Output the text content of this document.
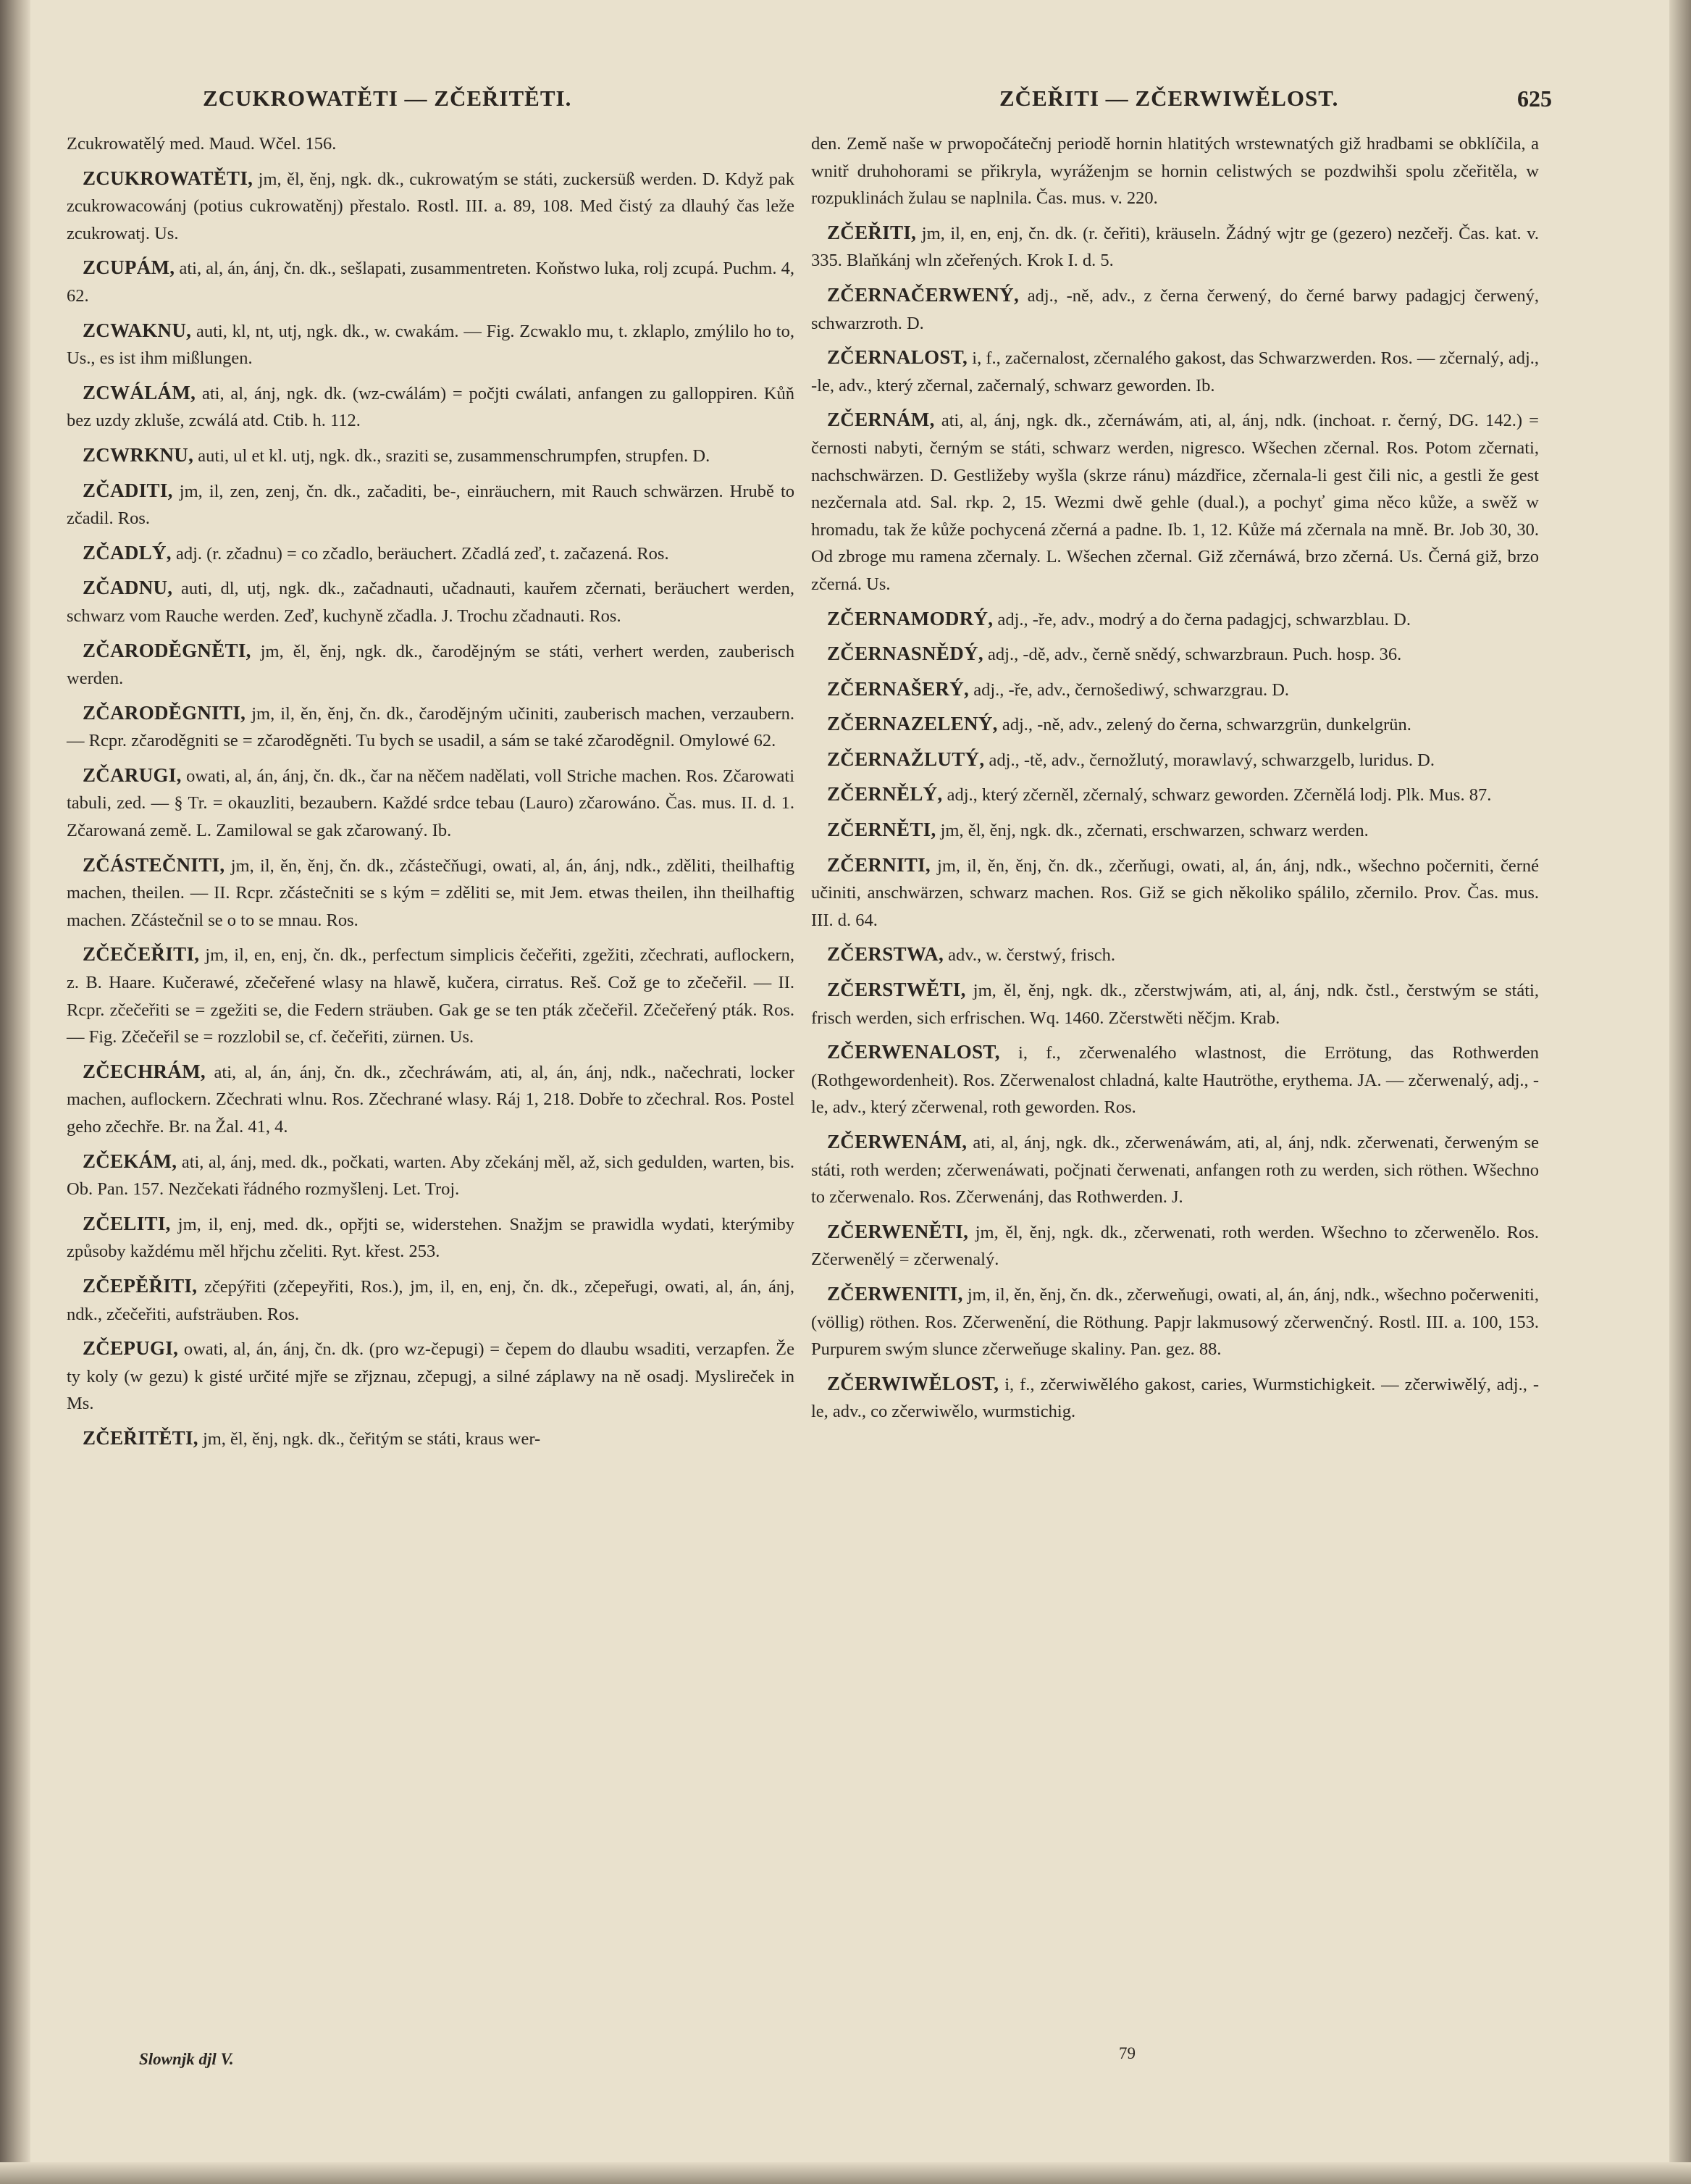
ZCUKROWATĚTI — ZČEŘITĚTI.	ZČEŘITI — ZČERWIWĚLOST.	625

Zcukrowatělý med. Maud. Wčel. 156.

ZCUKROWATĚTI, jm, ěl, ěnj, ngk. dk., cukrowatým se státi, zuckersüß werden. D. Když pak zcukrowacowánj (potius cukrowatěnj) přestalo. Rostl. III. a. 89, 108. Med čistý za dlauhý čas leže zcukrowatj. Us.

ZCUPÁM, ati, al, án, ánj, čn. dk., sešlapati, zusammentreten. Koňstwo luka, rolj zcupá. Puchm. 4, 62.

ZCWAKNU, auti, kl, nt, utj, ngk. dk., w. cwakám. — Fig. Zcwaklo mu, t. zklaplo, zmýlilo ho to, Us., es ist ihm mißlungen.

ZCWÁLÁM, ati, al, ánj, ngk. dk. (wz-cwálám) = počjti cwálati, anfangen zu galloppiren. Kůň bez uzdy zkluše, zcwálá atd. Ctib. h. 112.

ZCWRKNU, auti, ul et kl. utj, ngk. dk., sraziti se, zusammenschrumpfen, strupfen. D.

ZČADITI, jm, il, zen, zenj, čn. dk., začaditi, be-, einräuchern, mit Rauch schwärzen. Hrubě to zčadil. Ros.

ZČADLÝ, adj. (r. zčadnu) = co zčadlo, beräuchert. Zčadlá zeď, t. začazená. Ros.

ZČADNU, auti, dl, utj, ngk. dk., začadnauti, učadnauti, kauřem zčernati, beräuchert werden, schwarz vom Rauche werden. Zeď, kuchyně zčadla. J. Trochu zčadnauti. Ros.

ZČARODĚGNĚTI, jm, ěl, ěnj, ngk. dk., čarodějným se státi, verhert werden, zauberisch werden.

ZČARODĚGNITI, jm, il, ěn, ěnj, čn. dk., čarodějným učiniti, zauberisch machen, verzaubern. — Rcpr. zčaroděgniti se = zčaroděgněti. Tu bych se usadil, a sám se také zčaroděgnil. Omylowé 62.

ZČARUGI, owati, al, án, ánj, čn. dk., čar na něčem nadělati, voll Striche machen. Ros. Zčarowati tabuli, zed. — § Tr. = okauzliti, bezaubern. Každé srdce tebau (Lauro) zčarowáno. Čas. mus. II. d. 1. Zčarowaná země. L. Zamilowal se gak zčarowaný. Ib.

ZČÁSTEČNITI, jm, il, ěn, ěnj, čn. dk., zčástečňugi, owati, al, án, ánj, ndk., zděliti, theilhaftig machen, theilen. — II. Rcpr. zčástečniti se s kým = zděliti se, mit Jem. etwas theilen, ihn theilhaftig machen. Zčástečnil se o to se mnau. Ros.

ZČEČEŘITI, jm, il, en, enj, čn. dk., perfectum simplicis čečeřiti, zgežiti, zčechrati, auflockern, z. B. Haare. Kučerawé, zčečeřené wlasy na hlawě, kučera, cirratus. Reš. Což ge to zčečeřil. — II. Rcpr. zčečeřiti se = zgežiti se, die Federn sträuben. Gak ge se ten pták zčečeřil. Zčečeřený pták. Ros. — Fig. Zčečeřil se = rozzlobil se, cf. čečeřiti, zürnen. Us.

ZČECHRÁM, ati, al, án, ánj, čn. dk., zčechráwám, ati, al, án, ánj, ndk., načechrati, locker machen, auflockern. Zčechrati wlnu. Ros. Zčechrané wlasy. Ráj 1, 218. Dobře to zčechral. Ros. Postel geho zčechře. Br. na Žal. 41, 4.

ZČEKÁM, ati, al, ánj, med. dk., počkati, warten. Aby zčekánj měl, až, sich gedulden, warten, bis. Ob. Pan. 157. Nezčekati řádného rozmyšlenj. Let. Troj.

ZČELITI, jm, il, enj, med. dk., opřjti se, widerstehen. Snažjm se prawidla wydati, kterýmiby způsoby každému měl hřjchu zčeliti. Ryt. křest. 253.

ZČEPĚŘITI, zčepýřiti (zčepeyřiti, Ros.), jm, il, en, enj, čn. dk., zčepeřugi, owati, al, án, ánj, ndk., zčečeřiti, aufsträuben. Ros.

ZČEPUGI, owati, al, án, ánj, čn. dk. (pro wz-čepugi) = čepem do dlaubu wsaditi, verzapfen. Že ty koly (w gezu) k gisté určité mjře se zřjznau, zčepugj, a silné záplawy na ně osadj. Myslireček in Ms.

ZČEŘITĚTI, jm, ěl, ěnj, ngk. dk., čeřitým se státi, kraus wer-

den. Země naše w prwopočátečnj periodě hornin hlatitých wrstewnatých giž hradbami se obklíčila, a wnitř druhohorami se přikryla, wyráženjm se hornin celistwých se pozdwihši spolu zčeřitěla, w rozpuklinách žulau se naplnila. Čas. mus. v. 220.

ZČEŘITI, jm, il, en, enj, čn. dk. (r. čeřiti), kräuseln. Žádný wjtr ge (gezero) nezčeřj. Čas. kat. v. 335. Blaňkánj wln zčeřených. Krok I. d. 5.

ZČERNAČERWENÝ, adj., -ně, adv., z černa čerwený, do černé barwy padagjcj čerwený, schwarzroth. D.

ZČERNALOST, i, f., začernalost, zčernalého gakost, das Schwarzwerden. Ros. — zčernalý, adj., -le, adv., který zčernal, začernalý, schwarz geworden. Ib.

ZČERNÁM, ati, al, ánj, ngk. dk., zčernáwám, ati, al, ánj, ndk. (inchoat. r. černý, DG. 142.) = černosti nabyti, černým se státi, schwarz werden, nigresco. Wšechen zčernal. Ros. Potom zčernati, nachschwärzen. D. Gestližeby wyšla (skrze ránu) mázdřice, zčernala-li gest čili nic, a gestli že gest nezčernala atd. Sal. rkp. 2, 15. Wezmi dwě gehle (dual.), a pochyť gima něco kůže, a swěž w hromadu, tak že kůže pochycená zčerná a padne. Ib. 1, 12. Kůže má zčernala na mně. Br. Job 30, 30. Od zbroge mu ramena zčernaly. L. Wšechen zčernal. Giž zčernáwá, brzo zčerná. Us. Černá giž, brzo zčerná. Us.

ZČERNAMODRÝ, adj., -ře, adv., modrý a do černa padagjcj, schwarzblau. D.

ZČERNASNĚDÝ, adj., -dě, adv., černě snědý, schwarzbraun. Puch. hosp. 36.

ZČERNAŠERÝ, adj., -ře, adv., černošediwý, schwarzgrau. D.

ZČERNAZELENÝ, adj., -ně, adv., zelený do černa, schwarzgrün, dunkelgrün.

ZČERNAŽLUTÝ, adj., -tě, adv., černožlutý, morawlavý, schwarzgelb, luridus. D.

ZČERNĚLÝ, adj., který zčerněl, zčernalý, schwarz geworden. Zčernělá lodj. Plk. Mus. 87.

ZČERNĚTI, jm, ěl, ěnj, ngk. dk., zčernati, erschwarzen, schwarz werden.

ZČERNITI, jm, il, ěn, ěnj, čn. dk., zčerňugi, owati, al, án, ánj, ndk., wšechno počerniti, černé učiniti, anschwärzen, schwarz machen. Ros. Giž se gich několiko spálilo, zčernilo. Prov. Čas. mus. III. d. 64.

ZČERSTWA, adv., w. čerstwý, frisch.

ZČERSTWĚTI, jm, ěl, ěnj, ngk. dk., zčerstwjwám, ati, al, ánj, ndk. čstl., čerstwým se státi, frisch werden, sich erfrischen. Wq. 1460. Zčerstwěti něčjm. Krab.

ZČERWENALOST, i, f., zčerwenalého wlastnost, die Errötung, das Rothwerden (Rothgewordenheit). Ros. Zčerwenalost chladná, kalte Hautröthe, erythema. JA. — zčerwenalý, adj., -le, adv., který zčerwenal, roth geworden. Ros.

ZČERWENÁM, ati, al, ánj, ngk. dk., zčerwenáwám, ati, al, ánj, ndk. zčerwenati, čerweným se státi, roth werden; zčerwenáwati, počjnati čerwenati, anfangen roth zu werden, sich röthen. Wšechno to zčerwenalo. Ros. Zčerwenánj, das Rothwerden. J.

ZČERWENĚTI, jm, ěl, ěnj, ngk. dk., zčerwenati, roth werden. Wšechno to zčerwenělo. Ros. Zčerwenělý = zčerwenalý.

ZČERWENITI, jm, il, ěn, ěnj, čn. dk., zčerweňugi, owati, al, án, ánj, ndk., wšechno počerweniti, (völlig) röthen. Ros. Zčerwenění, die Röthung. Papjr lakmusowý zčerwenčný. Rostl. III. a. 100, 153. Purpurem swým slunce zčerweňuge skaliny. Pan. gez. 88.

ZČERWIWĚLOST, i, f., zčerwiwělého gakost, caries, Wurmstichigkeit. — zčerwiwělý, adj., -le, adv., co zčerwiwělo, wurmstichig.

Slownjk djl V.	79
